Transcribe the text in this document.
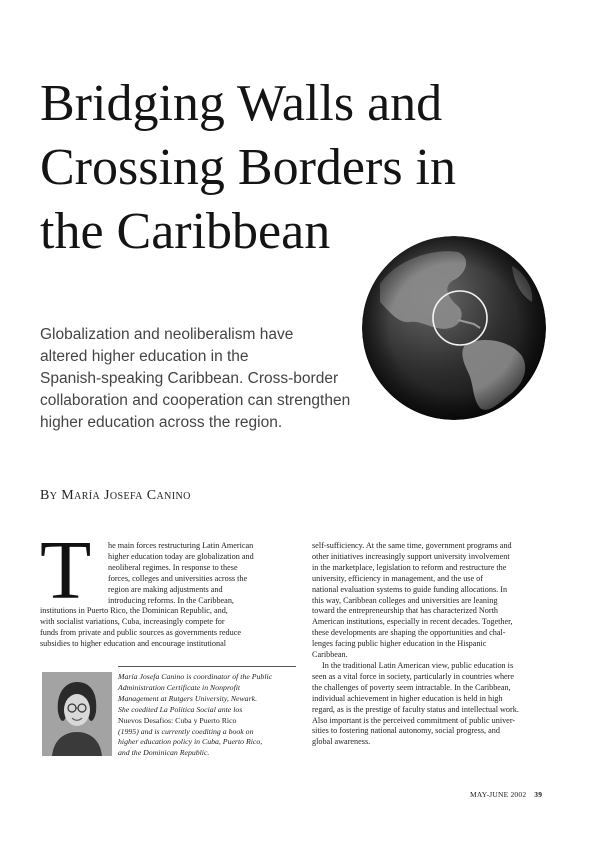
Bridging Walls and
Crossing Borders in
the Caribbean
Globalization and neoliberalism have
altered higher education in the
Spanish-speaking Caribbean. Cross-border
collaboration and cooperation can strengthen
higher education across the region.
By María Josefa Canino
T	he main forces restructuring Latin American
higher education today are globalization and
neoliberal regimes. In response to these
forces, colleges and universities across the
region are making adjustments and
introducing reforms. In the Caribbean,
institutions in Puerto Rico, the Dominican Republic, and,
with socialist variations, Cuba, increasingly compete for
funds from private and public sources as governments reduce
subsidies to higher education and encourage institutional
María Josefa Canino is coordinator of the Public
Administration Certificate in Nonprofit
Management at Rutgers University, Newark.
She coedited La Politica Social ante los
Nuevos Desafios: Cuba y Puerto Rico
(1995) and is currently coediting a book on
higher education policy in Cuba, Puerto Rico,
and the Dominican Republic.
self-sufficiency. At the same time, government programs and
other initiatives increasingly support university involvement
in the marketplace, legislation to reform and restructure the
university, efficiency in management, and the use of
national evaluation systems to guide funding allocations. In
this way, Caribbean colleges and universities are leaning
toward the entrepreneurship that has characterized North
American institutions, especially in recent decades. Together,
these developments are shaping the opportunities and chal-
lenges facing public higher education in the Hispanic
Caribbean.
In the traditional Latin American view, public education is
seen as a vital force in society, particularly in countries where
the challenges of poverty seem intractable. In the Caribbean,
individual achievement in higher education is held in high
regard, as is the prestige of faculty status and intellectual work.
Also important is the perceived commitment of public univer-
sities to fostering national autonomy, social progress, and
global awareness.
MAY-JUNE 2002 39
